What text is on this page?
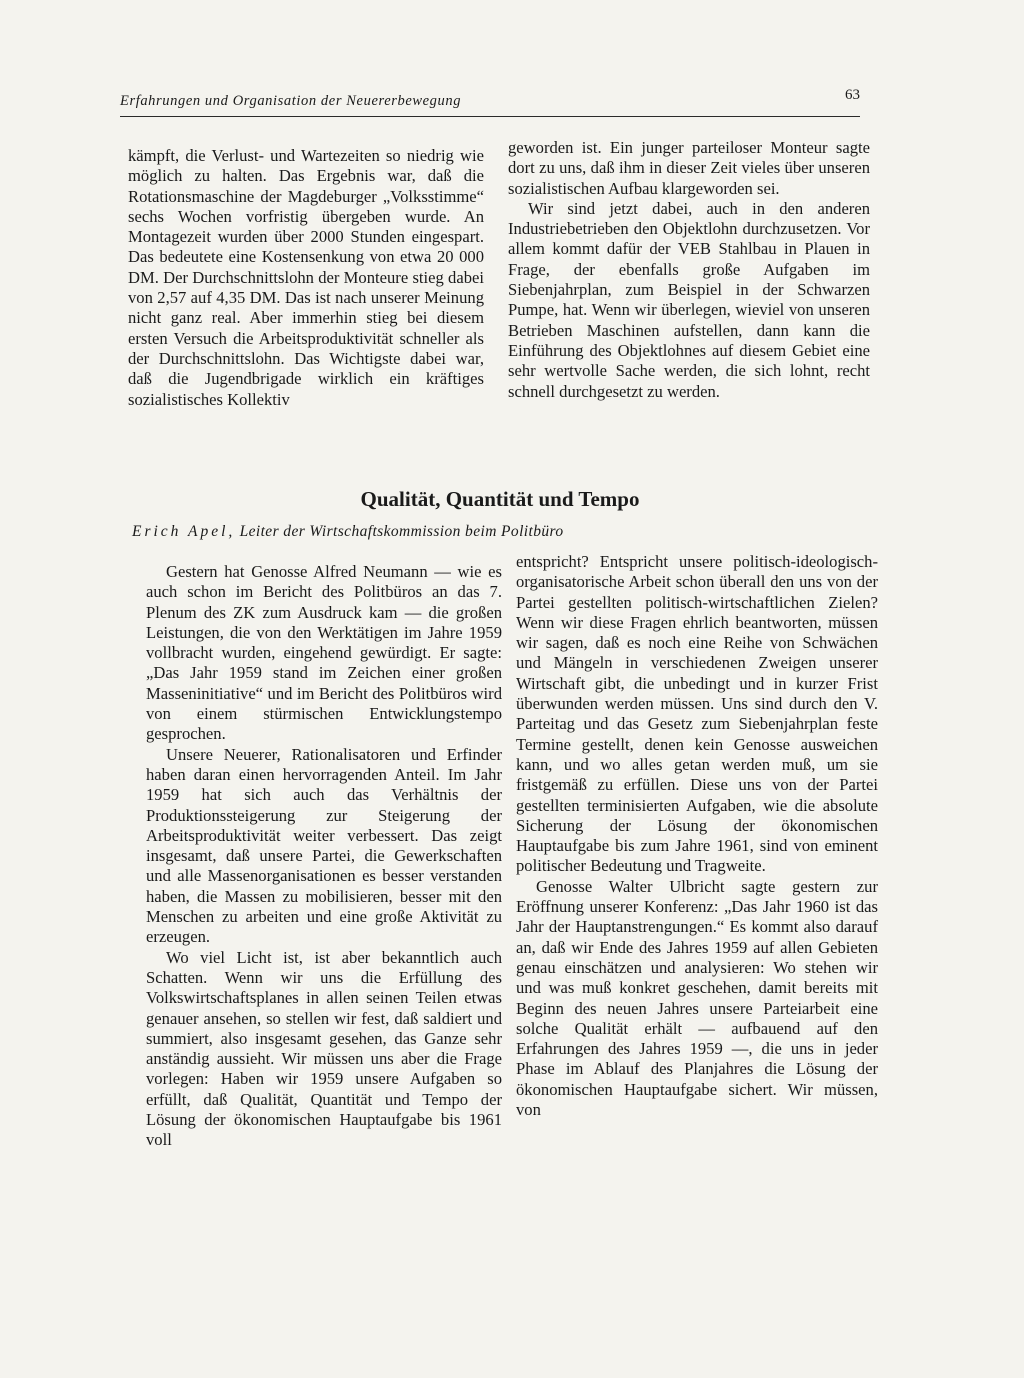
Erfahrungen und Organisation der Neuererbewegung	63

kämpft, die Verlust- und Wartezeiten so niedrig wie möglich zu halten. Das Ergebnis war, daß die Rotationsmaschine der Magdeburger „Volksstimme“ sechs Wochen vorfristig übergeben wurde. An Montagezeit wurden über 2000 Stunden eingespart. Das bedeutete eine Kostensenkung von etwa 20 000 DM. Der Durchschnittslohn der Monteure stieg dabei von 2,57 auf 4,35 DM. Das ist nach unserer Meinung nicht ganz real. Aber immerhin stieg bei diesem ersten Versuch die Arbeitsproduktivität schneller als der Durchschnittslohn. Das Wichtigste dabei war, daß die Jugendbrigade wirklich ein kräftiges sozialistisches Kollektiv

geworden ist. Ein junger parteiloser Monteur sagte dort zu uns, daß ihm in dieser Zeit vieles über unseren sozialistischen Aufbau klargeworden sei.

Wir sind jetzt dabei, auch in den anderen Industriebetrieben den Objektlohn durchzusetzen. Vor allem kommt dafür der VEB Stahlbau in Plauen in Frage, der ebenfalls große Aufgaben im Siebenjahrplan, zum Beispiel in der Schwarzen Pumpe, hat. Wenn wir überlegen, wieviel von unseren Betrieben Maschinen aufstellen, dann kann die Einführung des Objektlohnes auf diesem Gebiet eine sehr wertvolle Sache werden, die sich lohnt, recht schnell durchgesetzt zu werden.

Qualität, Quantität und Tempo
Erich Apel, Leiter der Wirtschaftskommission beim Politbüro

Gestern hat Genosse Alfred Neumann — wie es auch schon im Bericht des Politbüros an das 7. Plenum des ZK zum Ausdruck kam — die großen Leistungen, die von den Werktätigen im Jahre 1959 vollbracht wurden, eingehend gewürdigt. Er sagte: „Das Jahr 1959 stand im Zeichen einer großen Masseninitiative“ und im Bericht des Politbüros wird von einem stürmischen Entwicklungstempo gesprochen.

Unsere Neuerer, Rationalisatoren und Erfinder haben daran einen hervorragenden Anteil. Im Jahr 1959 hat sich auch das Verhältnis der Produktionssteigerung zur Steigerung der Arbeitsproduktivität weiter verbessert. Das zeigt insgesamt, daß unsere Partei, die Gewerkschaften und alle Massenorganisationen es besser verstanden haben, die Massen zu mobilisieren, besser mit den Menschen zu arbeiten und eine große Aktivität zu erzeugen.

Wo viel Licht ist, ist aber bekanntlich auch Schatten. Wenn wir uns die Erfüllung des Volkswirtschaftsplanes in allen seinen Teilen etwas genauer ansehen, so stellen wir fest, daß saldiert und summiert, also insgesamt gesehen, das Ganze sehr anständig aussieht. Wir müssen uns aber die Frage vorlegen: Haben wir 1959 unsere Aufgaben so erfüllt, daß Qualität, Quantität und Tempo der Lösung der ökonomischen Hauptaufgabe bis 1961 voll

entspricht? Entspricht unsere politisch-ideologisch-organisatorische Arbeit schon überall den uns von der Partei gestellten politisch-wirtschaftlichen Zielen? Wenn wir diese Fragen ehrlich beantworten, müssen wir sagen, daß es noch eine Reihe von Schwächen und Mängeln in verschiedenen Zweigen unserer Wirtschaft gibt, die unbedingt und in kurzer Frist überwunden werden müssen. Uns sind durch den V. Parteitag und das Gesetz zum Siebenjahrplan feste Termine gestellt, denen kein Genosse ausweichen kann, und wo alles getan werden muß, um sie fristgemäß zu erfüllen. Diese uns von der Partei gestellten terminisierten Aufgaben, wie die absolute Sicherung der Lösung der ökonomischen Hauptaufgabe bis zum Jahre 1961, sind von eminent politischer Bedeutung und Tragweite.

Genosse Walter Ulbricht sagte gestern zur Eröffnung unserer Konferenz: „Das Jahr 1960 ist das Jahr der Hauptanstrengungen.“ Es kommt also darauf an, daß wir Ende des Jahres 1959 auf allen Gebieten genau einschätzen und analysieren: Wo stehen wir und was muß konkret geschehen, damit bereits mit Beginn des neuen Jahres unsere Parteiarbeit eine solche Qualität erhält — aufbauend auf den Erfahrungen des Jahres 1959 —, die uns in jeder Phase im Ablauf des Planjahres die Lösung der ökonomischen Hauptaufgabe sichert. Wir müssen, von
